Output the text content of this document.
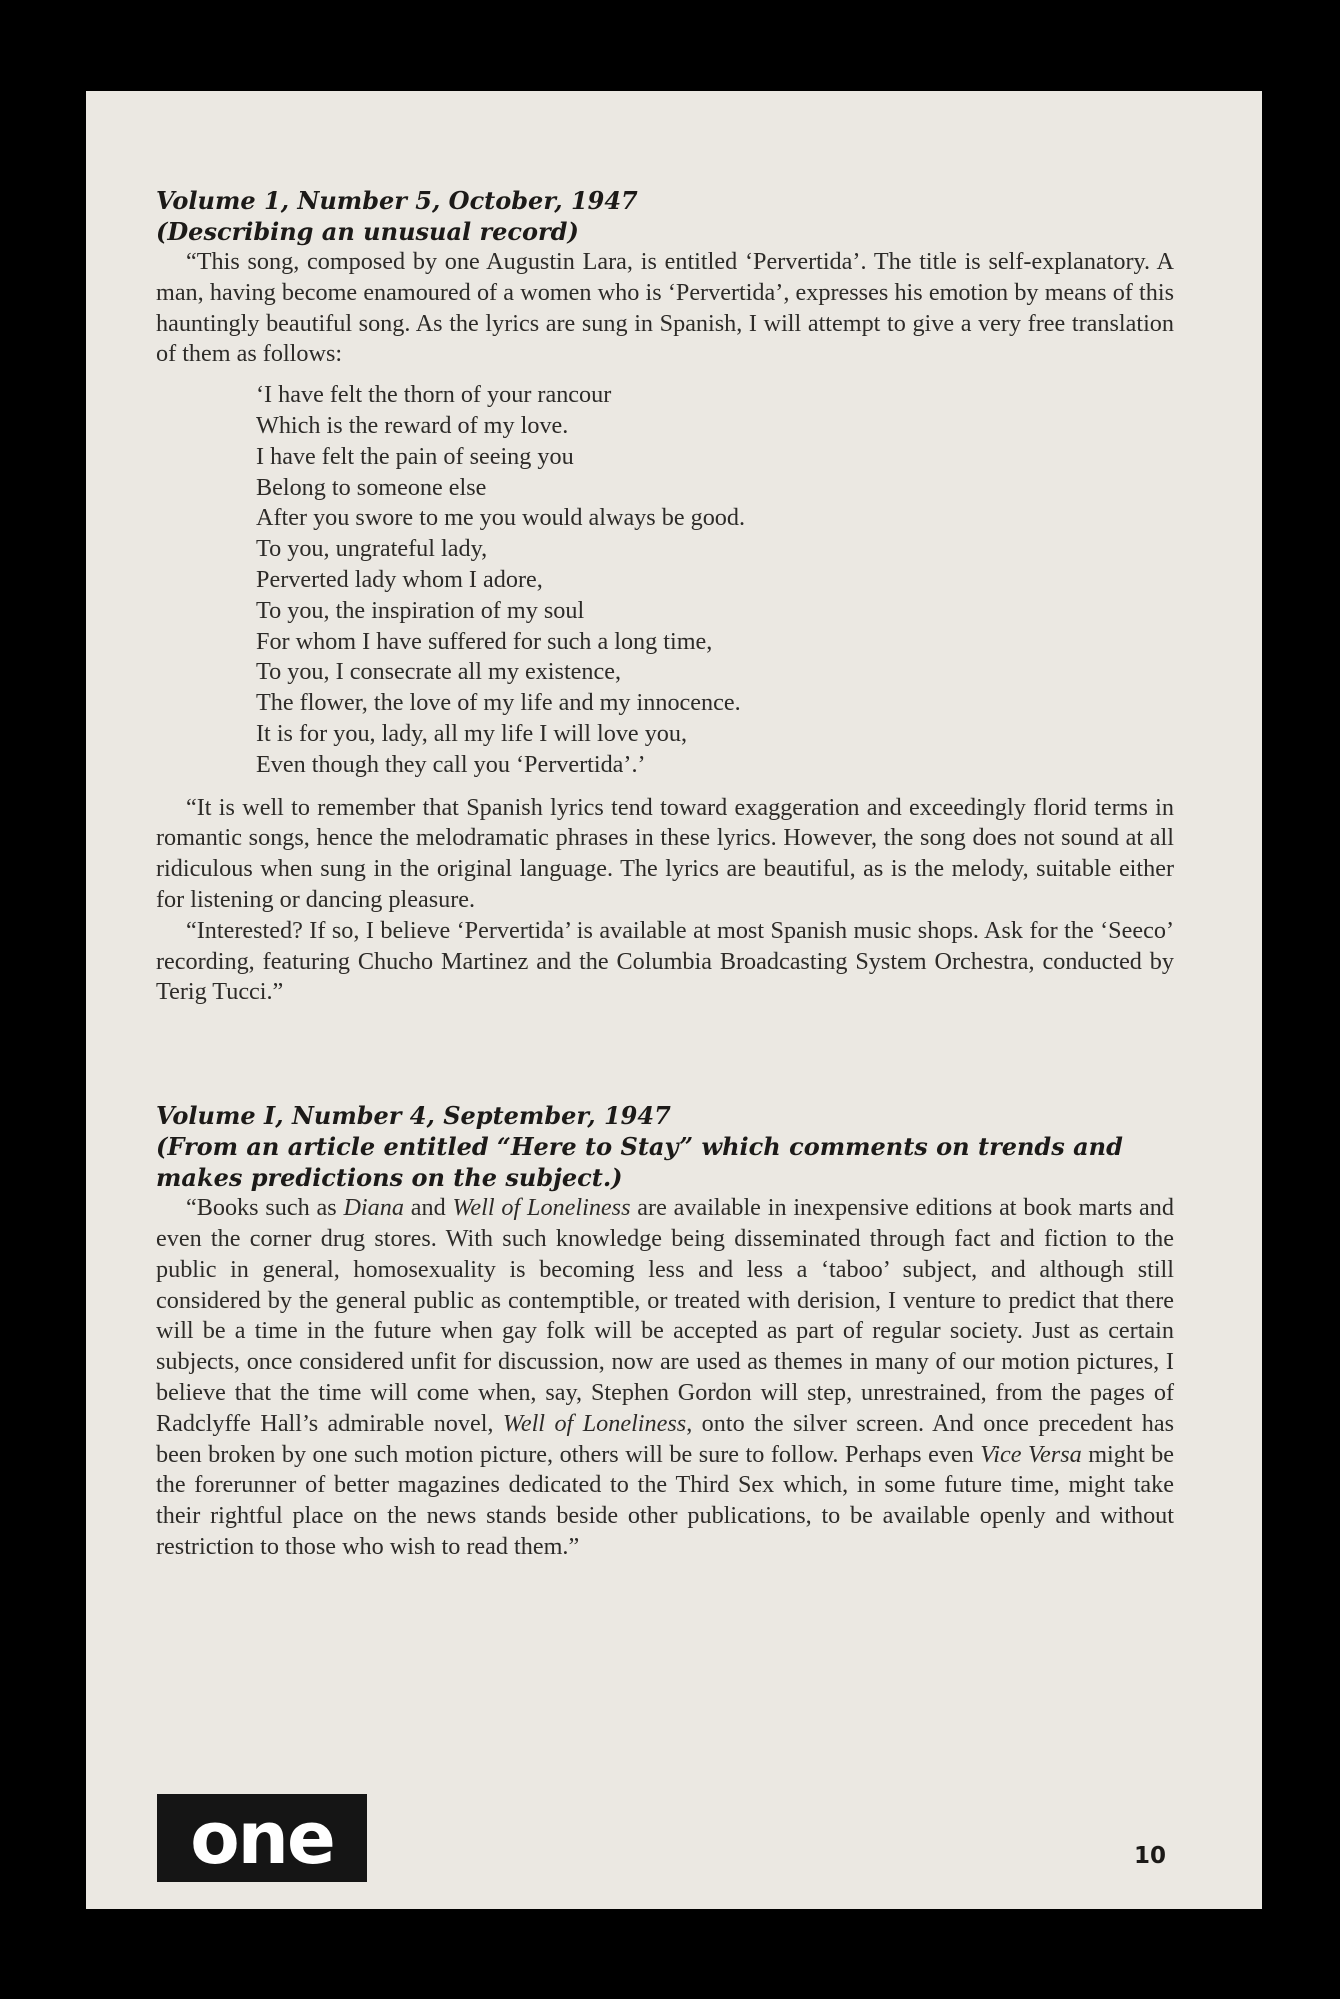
Volume 1, Number 5, October, 1947
(Describing an unusual record)

“This song, composed by one Augustin Lara, is entitled ‘Pervertida’. The title is self-explanatory. A man, having become enamoured of a women who is ‘Pervertida’, expresses his emotion by means of this hauntingly beautiful song. As the lyrics are sung in Spanish, I will attempt to give a very free translation of them as follows:

‘I have felt the thorn of your rancour
Which is the reward of my love.
I have felt the pain of seeing you
Belong to someone else
After you swore to me you would always be good.
To you, ungrateful lady,
Perverted lady whom I adore,
To you, the inspiration of my soul
For whom I have suffered for such a long time,
To you, I consecrate all my existence,
The flower, the love of my life and my innocence.
It is for you, lady, all my life I will love you,
Even though they call you ‘Pervertida’.’

“It is well to remember that Spanish lyrics tend toward exaggeration and exceedingly florid terms in romantic songs, hence the melodramatic phrases in these lyrics. However, the song does not sound at all ridiculous when sung in the original language. The lyrics are beautiful, as is the melody, suitable either for listening or dancing pleasure.

“Interested? If so, I believe ‘Pervertida’ is available at most Spanish music shops. Ask for the ‘Seeco’ recording, featuring Chucho Martinez and the Columbia Broadcasting System Orchestra, conducted by Terig Tucci.”

Volume I, Number 4, September, 1947
(From an article entitled “Here to Stay” which comments on trends and makes predictions on the subject.)

“Books such as Diana and Well of Loneliness are available in inexpensive editions at book marts and even the corner drug stores. With such knowledge being disseminated through fact and fiction to the public in general, homosexuality is becoming less and less a ‘taboo’ subject, and although still considered by the general public as contemptible, or treated with derision, I venture to predict that there will be a time in the future when gay folk will be accepted as part of regular society. Just as certain subjects, once considered unfit for discussion, now are used as themes in many of our motion pictures, I believe that the time will come when, say, Stephen Gordon will step, unrestrained, from the pages of Radclyffe Hall’s admirable novel, Well of Loneliness, onto the silver screen. And once precedent has been broken by one such motion picture, others will be sure to follow. Perhaps even Vice Versa might be the forerunner of better magazines dedicated to the Third Sex which, in some future time, might take their rightful place on the news stands beside other publications, to be available openly and without restriction to those who wish to read them.”

one	10
